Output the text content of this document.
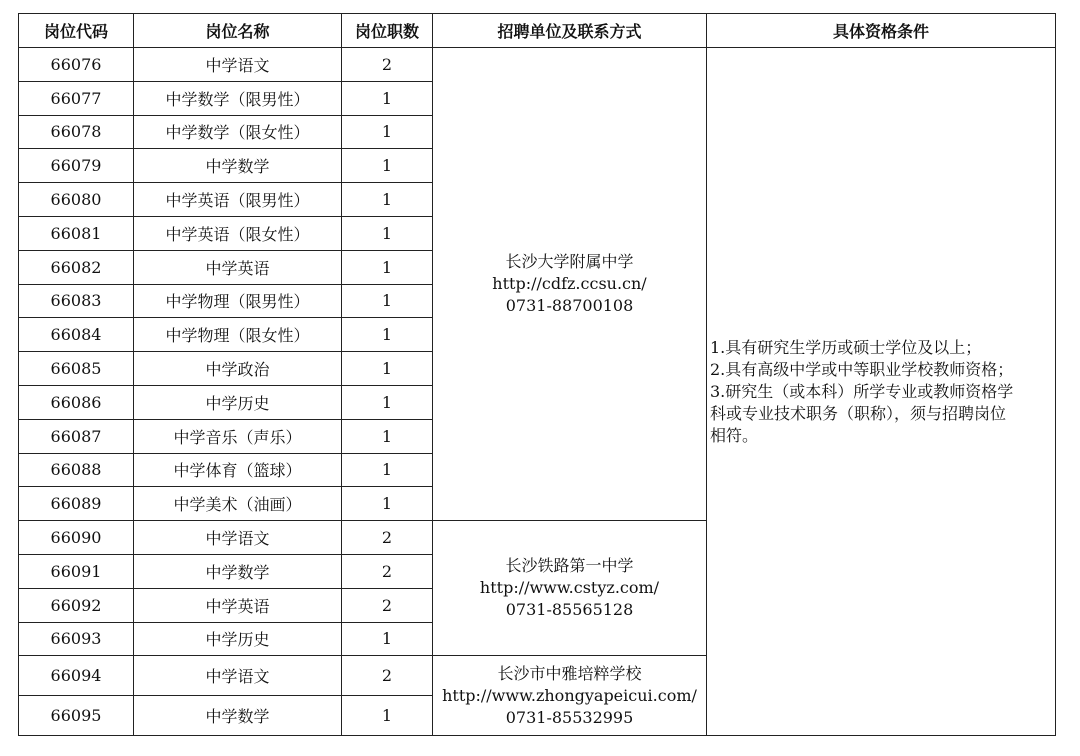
岗位代码	岗位名称	岗位职数	招聘单位及联系方式	具体资格条件
66076	中学语文	2	长沙大学附属中学
http://cdfz.ccsu.cn/
0731-88700108	1.具有研究生学历或硕士学位及以上；
2.具有高级中学或中等职业学校教师资格；
3.研究生（或本科）所学专业或教师资格学
科或专业技术职务（职称），须与招聘岗位
相符。

66077	中学数学（限男性）	1		
66078	中学数学（限女性）	1		
66079	中学数学	1		
66080	中学英语（限男性）	1		
66081	中学英语（限女性）	1		
66082	中学英语	1		
66083	中学物理（限男性）	1		
66084	中学物理（限女性）	1		
66085	中学政治	1		
66086	中学历史	1		
66087	中学音乐（声乐）	1		
66088	中学体育（篮球）	1		
66089	中学美术（油画）	1		
66090	中学语文	2	长沙铁路第一中学
http://www.cstyz.com/
0731-85565128	

66091	中学数学	2		
66092	中学英语	2		
66093	中学历史	1		
66094	中学语文	2	长沙市中雅培粹学校
http://www.zhongyapeicui.com/
0731-85532995	

66095	中学数学	1		
